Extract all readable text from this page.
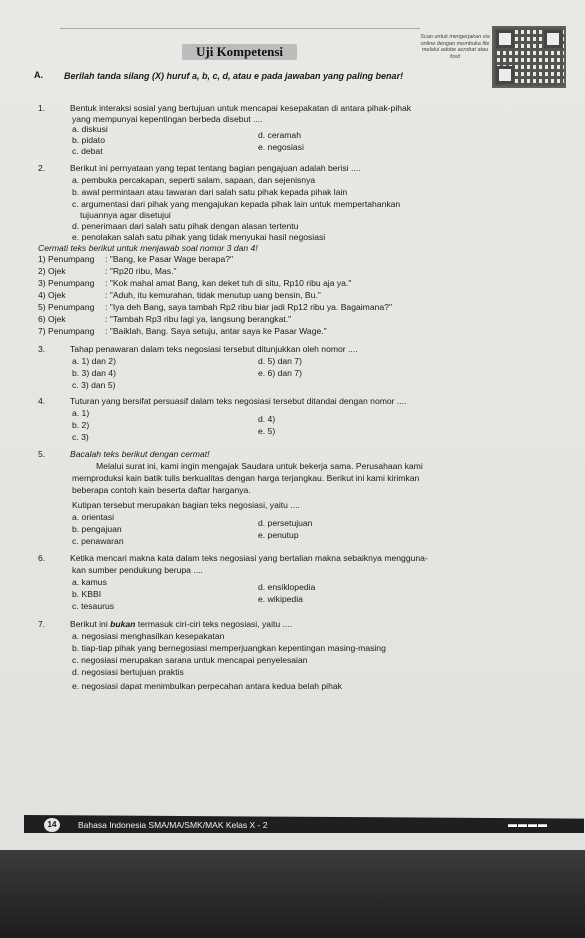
Uji Kompetensi
Scan untuk mengerjakan via online dengan membuka file melalui adobe acrobat atau foxit
A. Berilah tanda silang (X) huruf a, b, c, d, atau e pada jawaban yang paling benar!
1.	Bentuk interaksi sosial yang bertujuan untuk mencapai kesepakatan di antara pihak-pihak
yang mempunyai kepentingan berbeda disebut ....
a. diskusi
b. pidato
c. debat
d. ceramah
e. negosiasi
2.	Berikut ini pernyataan yang tepat tentang bagian pengajuan adalah berisi ....
a. pembuka percakapan, seperti salam, sapaan, dan sejenisnya
b. awal permintaan atau tawaran dari salah satu pihak kepada pihak lain
c. argumentasi dari pihak yang mengajukan kepada pihak lain untuk mempertahankan
tujuannya agar disetujui
d. penerimaan dari salah satu pihak dengan alasan tertentu
e. penolakan salah satu pihak yang tidak menyukai hasil negosiasi
Cermati teks berikut untuk menjawab soal nomor 3 dan 4!
1) Penumpang : "Bang, ke Pasar Wage berapa?"
2) Ojek	: "Rp20 ribu, Mas."
3) Penumpang : "Kok mahal amat Bang, kan deket tuh di situ, Rp10 ribu aja ya."
4) Ojek	: "Aduh, itu kemurahan, tidak menutup uang bensin, Bu."
5) Penumpang : "Iya deh Bang, saya tambah Rp2 ribu biar jadi Rp12 ribu ya. Bagaimana?"
6) Ojek	: "Tambah Rp3 ribu lagi ya, langsung berangkat."
7) Penumpang : "Baiklah, Bang. Saya setuju, antar saya ke Pasar Wage."
3.	Tahap penawaran dalam teks negosiasi tersebut ditunjukkan oleh nomor ....
a. 1) dan 2)
b. 3) dan 4)
c. 3) dan 5)
d. 5) dan 7)
e. 6) dan 7)
4.	Tuturan yang bersifat persuasif dalam teks negosiasi tersebut ditandai dengan nomor ....
a. 1)
b. 2)
c. 3)
d. 4)
e. 5)
5.	Bacalah teks berikut dengan cermat!
Melalui surat ini, kami ingin mengajak Saudara untuk bekerja sama. Perusahaan kami
memproduksi kain batik tulis berkualitas dengan harga terjangkau. Berikut ini kami kirimkan
beberapa contoh kain beserta daftar harganya.
Kutipan tersebut merupakan bagian teks negosiasi, yaitu ....
a. orientasi
b. pengajuan
c. penawaran
d. persetujuan
e. penutup
6.	Ketika mencari makna kata dalam teks negosiasi yang bertalian makna sebaiknya mengguna-
kan sumber pendukung berupa ....
a. kamus
b. KBBI
c. tesaurus
d. ensiklopedia
e. wikipedia
7.	Berikut ini bukan termasuk ciri-ciri teks negosiasi, yaitu ....
a. negosiasi menghasilkan kesepakatan
b. tiap-tiap pihak yang bernegosiasi memperjuangkan kepentingan masing-masing
c. negosiasi merupakan sarana untuk mencapai penyelesaian
d. negosiasi bertujuan praktis
e. negosiasi dapat menimbulkan perpecahan antara kedua belah pihak
14	Bahasa Indonesia SMA/MA/SMK/MAK Kelas X - 2	▬▬▬▬
